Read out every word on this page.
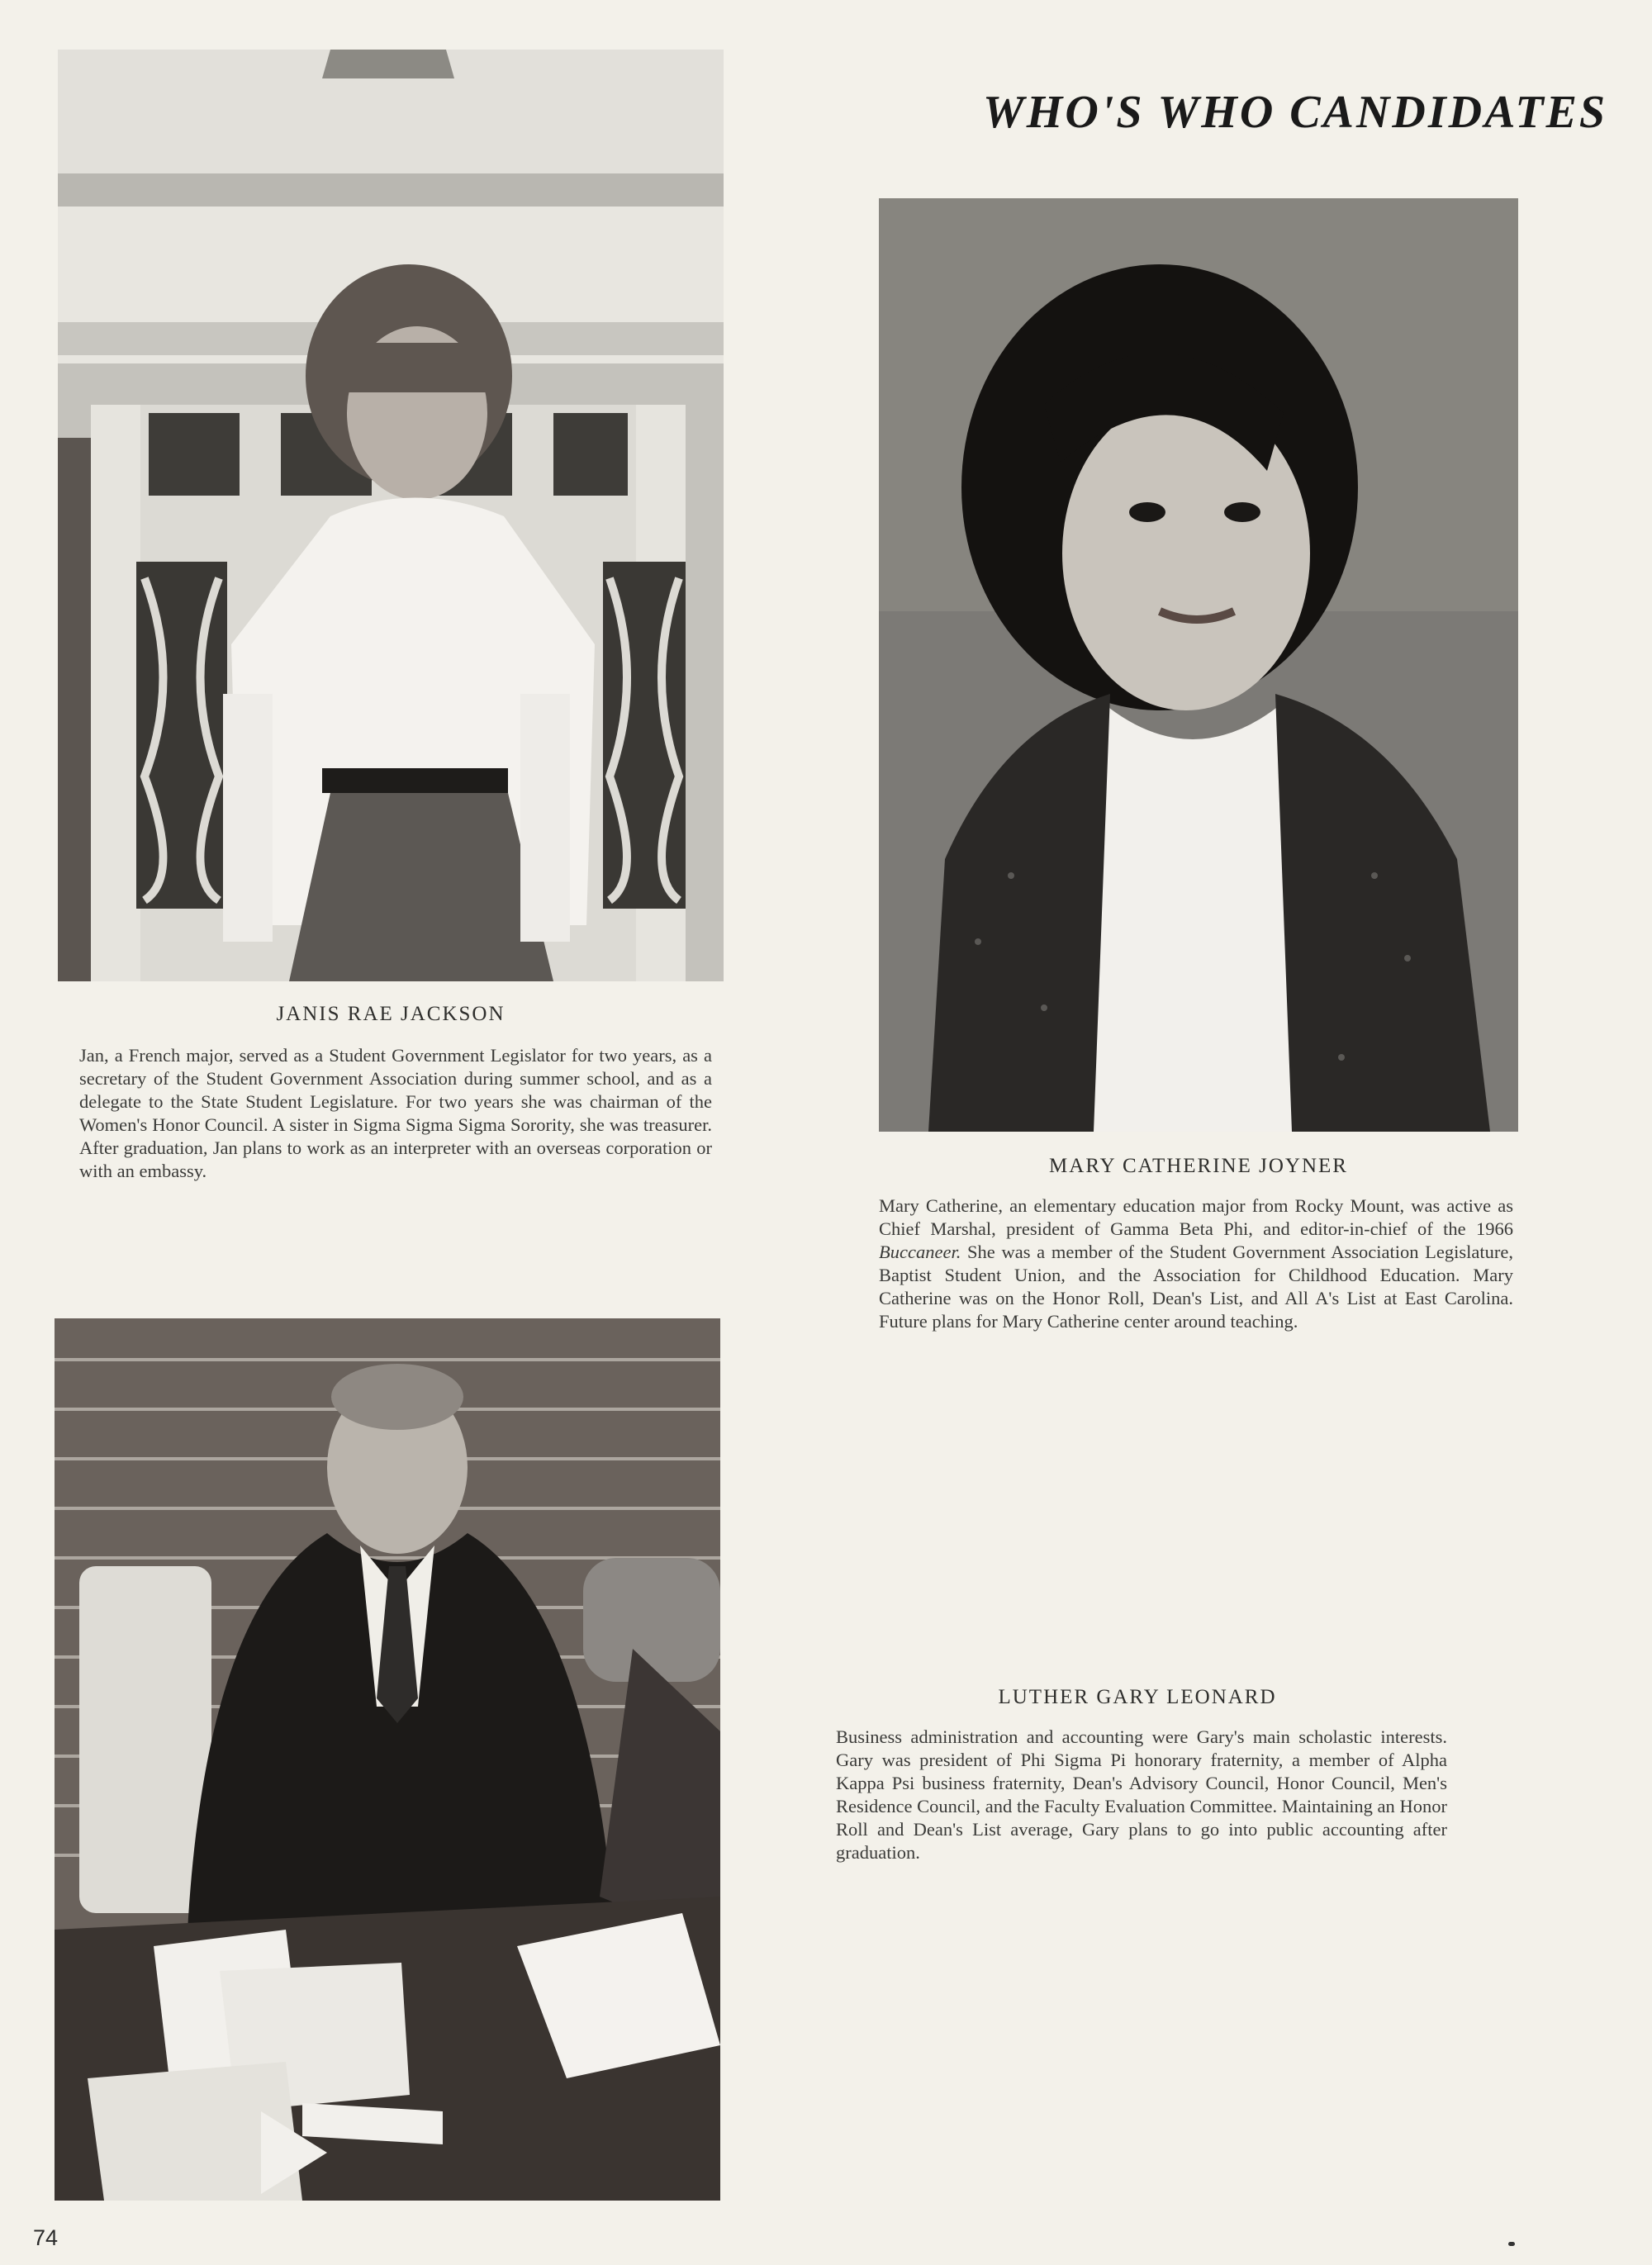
WHO'S WHO CANDIDATES
JANIS RAE JACKSON
Jan, a French major, served as a Student Government Legislator for two years, as a secretary of the Student Government Association during summer school, and as a delegate to the State Student Legislature. For two years she was chairman of the Women's Honor Council. A sister in Sigma Sigma Sigma Sorority, she was treasurer. After graduation, Jan plans to work as an interpreter with an overseas corporation or with an embassy.	MARY CATHERINE JOYNER
Mary Catherine, an elementary education major from Rocky Mount, was active as Chief Marshal, president of Gamma Beta Phi, and editor-in-chief of the 1966 Buccaneer. She was a member of the Student Government Association Legislature, Baptist Student Union, and the Association for Childhood Education. Mary Catherine was on the Honor Roll, Dean's List, and All A's List at East Carolina. Future plans for Mary Catherine center around teaching.
LUTHER GARY LEONARD
Business administration and accounting were Gary's main scholastic interests. Gary was president of Phi Sigma Pi honorary fraternity, a member of Alpha Kappa Psi business fraternity, Dean's Advisory Council, Honor Council, Men's Residence Council, and the Faculty Evaluation Committee. Maintaining an Honor Roll and Dean's List average, Gary plans to go into public accounting after graduation.
74
